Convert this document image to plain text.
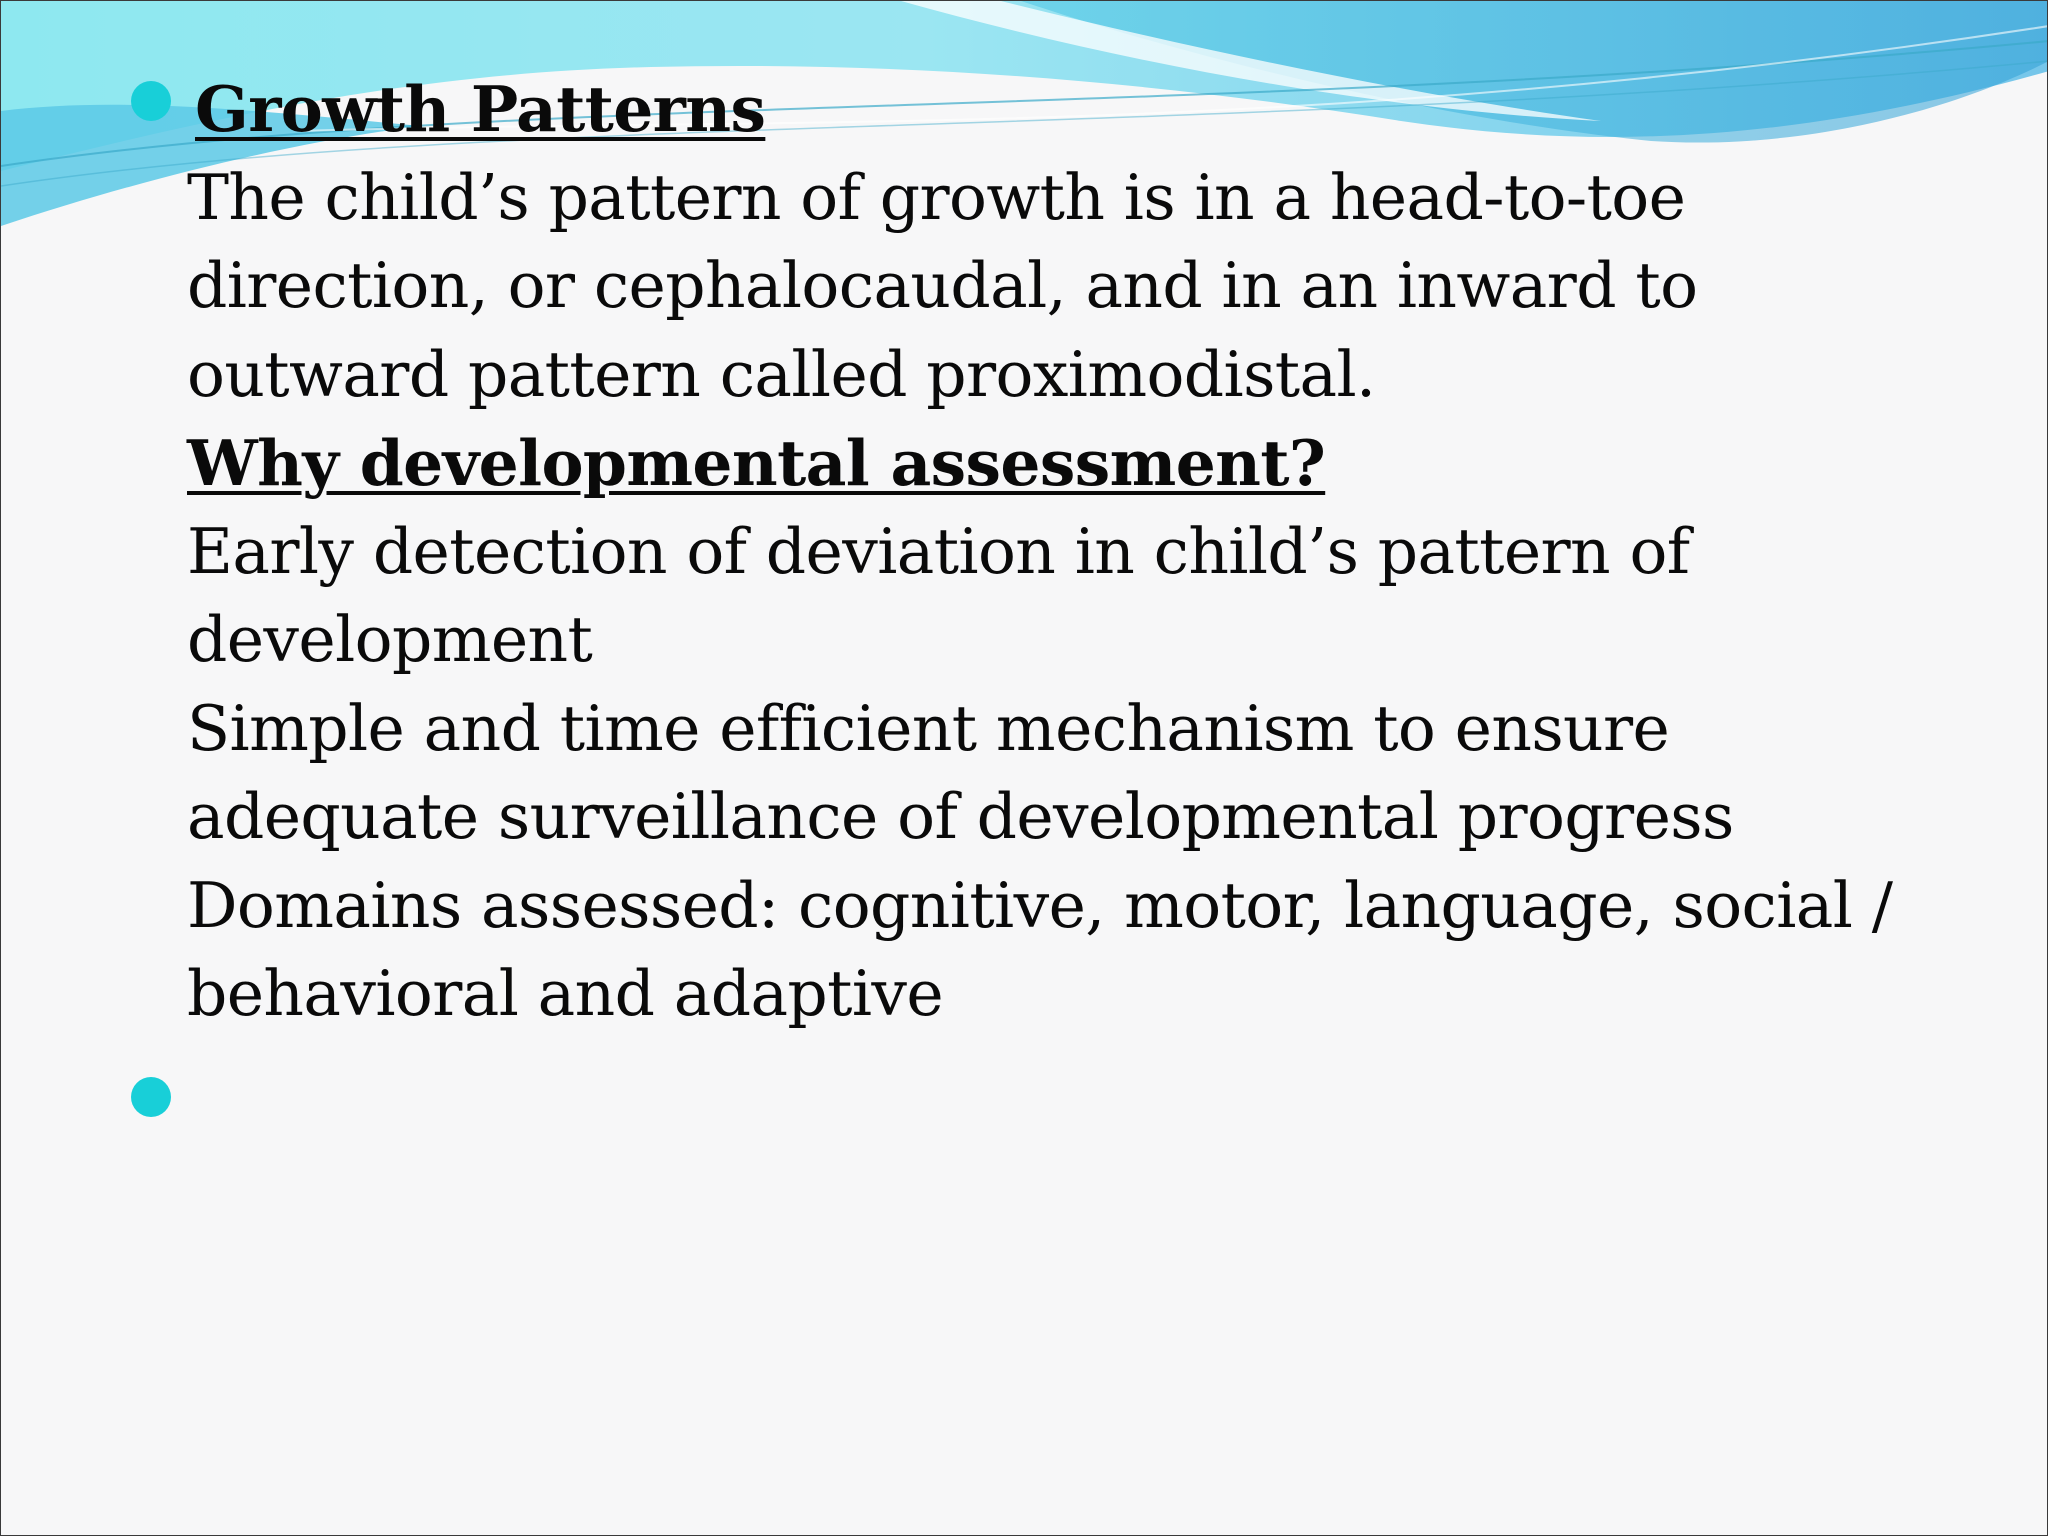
Growth Patterns
The child’s pattern of growth is in a head-to-toe
direction, or cephalocaudal, and in an inward to
outward pattern called proximodistal.
Why developmental assessment?
Early detection of deviation in child’s pattern of
development
Simple and time efficient mechanism to ensure
adequate surveillance of developmental progress
Domains assessed: cognitive, motor, language, social /
behavioral and adaptive
